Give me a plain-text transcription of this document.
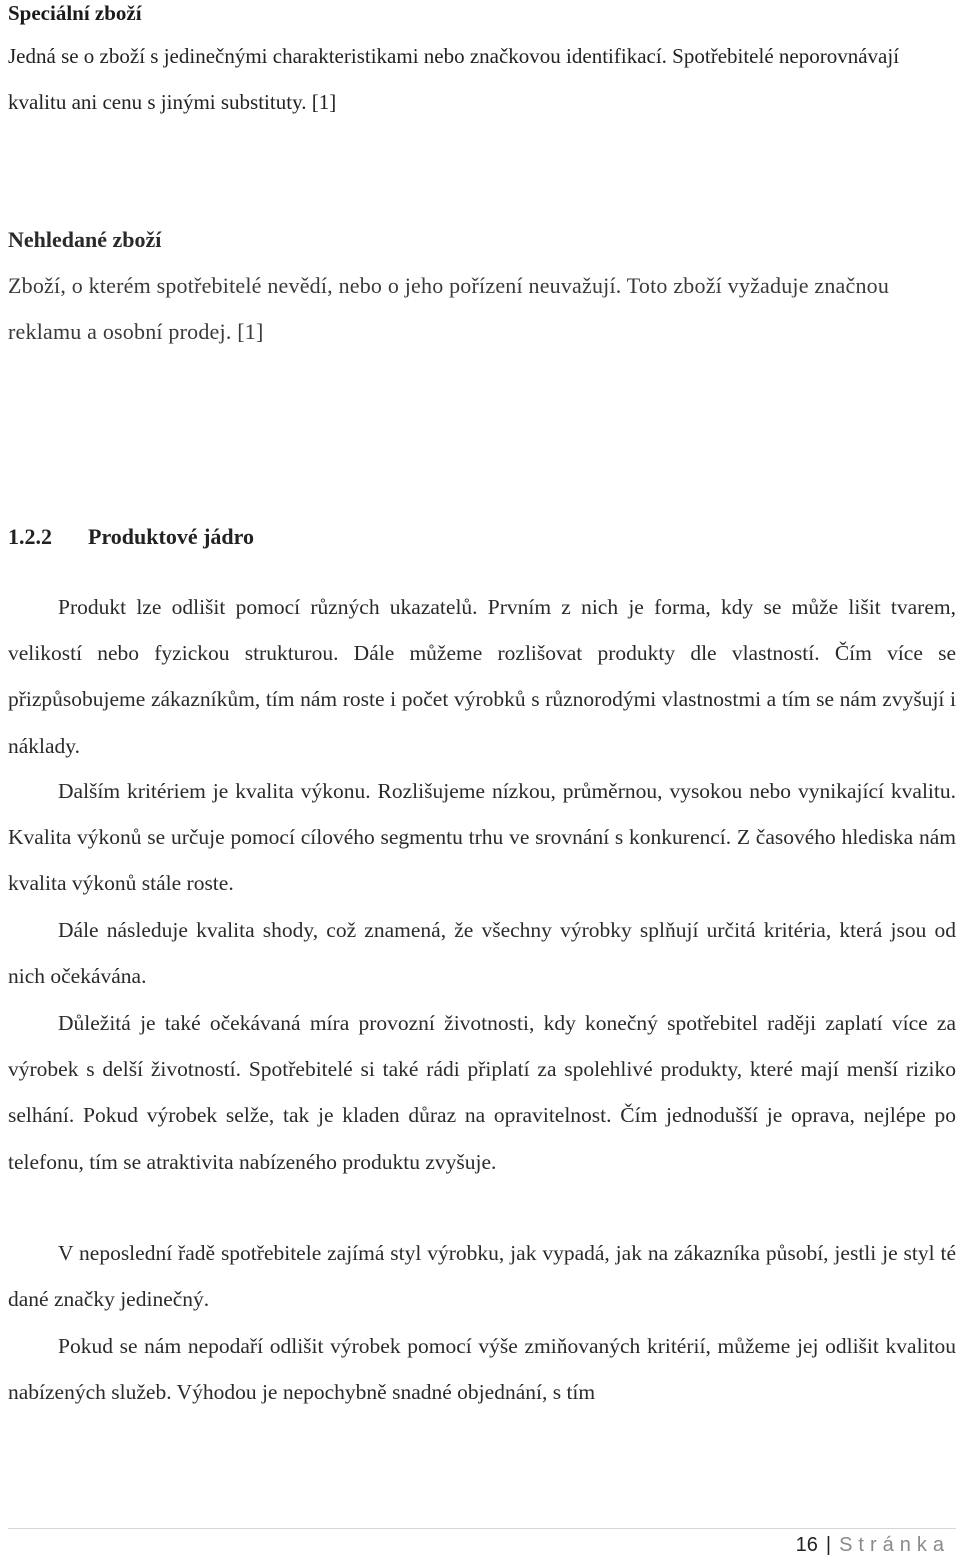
Speciální zboží

Jedná se o zboží s jedinečnými charakteristikami nebo značkovou identifikací. Spotřebitelé neporovnávají kvalitu ani cenu s jinými substituty. [1]

Nehledané zboží

Zboží, o kterém spotřebitelé nevědí, nebo o jeho pořízení neuvažují. Toto zboží vyžaduje značnou reklamu a osobní prodej. [1]

1.2.2 Produktové jádro

Produkt lze odlišit pomocí různých ukazatelů. Prvním z nich je forma, kdy se může lišit tvarem, velikostí nebo fyzickou strukturou. Dále můžeme rozlišovat produkty dle vlastností. Čím více se přizpůsobujeme zákazníkům, tím nám roste i počet výrobků s různorodými vlastnostmi a tím se nám zvyšují i náklady.

Dalším kritériem je kvalita výkonu. Rozlišujeme nízkou, průměrnou, vysokou nebo vynikající kvalitu. Kvalita výkonů se určuje pomocí cílového segmentu trhu ve srovnání s konkurencí. Z časového hlediska nám kvalita výkonů stále roste.

Dále následuje kvalita shody, což znamená, že všechny výrobky splňují určitá kritéria, která jsou od nich očekávána.

Důležitá je také očekávaná míra provozní životnosti, kdy konečný spotřebitel raději zaplatí více za výrobek s delší životností. Spotřebitelé si také rádi připlatí za spolehlivé produkty, které mají menší riziko selhání. Pokud výrobek selže, tak je kladen důraz na opravitelnost. Čím jednodušší je oprava, nejlépe po telefonu, tím se atraktivita nabízeného produktu zvyšuje.

V neposlední řadě spotřebitele zajímá styl výrobku, jak vypadá, jak na zákazníka působí, jestli je styl té dané značky jedinečný.

Pokud se nám nepodaří odlišit výrobek pomocí výše zmiňovaných kritérií, můžeme jej odlišit kvalitou nabízených služeb. Výhodou je nepochybně snadné objednání, s tím

16 | Stránka
